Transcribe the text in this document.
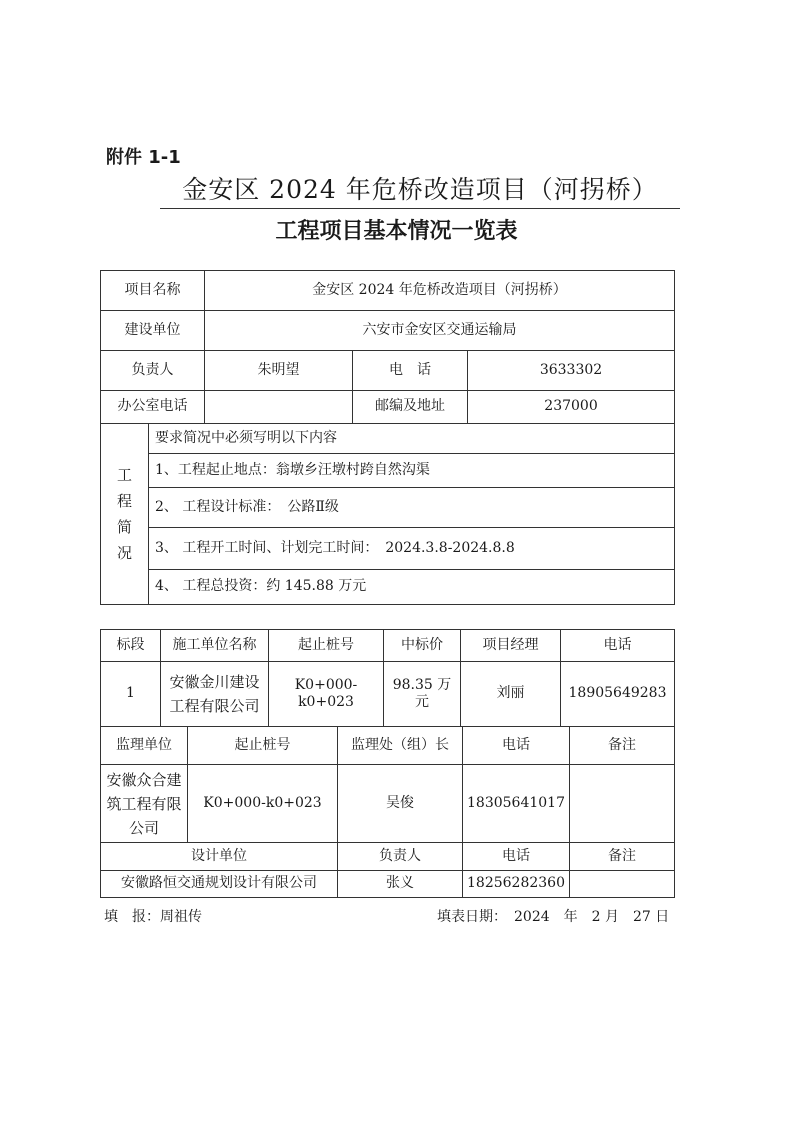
附件 1-1
金安区 2024 年危桥改造项目（河拐桥）
工程项目基本情况一览表
项目名称		金安区 2024 年危桥改造项目（河拐桥）		
建设单位		六安市金安区交通运输局		
负责人		朱明望	电　话	3633302
办公室电话			邮编及地址	237000

工
程
简
况	要求简况中必须写明以下内容			
	1、工程起止地点：翁墩乡汪墩村跨自然沟渠			
	2、 工程设计标准：　公路Ⅱ级			
	3、 工程开工时间、计划完工时间：　2024.3.8-2024.8.8			
	4、 工程总投资：约 145.88 万元			
标段	施工单位名称	起止桩号	中标价	项目经理	电话
1	安徽金川建设工程有限公司	K0+000-k0+023	98.35 万元	刘丽	18905649283
监理单位	起止桩号	监理处（组）长	电话	备注
安徽众合建筑工程有限公司	K0+000-k0+023	吴俊	18305641017	
设计单位		负责人	电话	备注
安徽路恒交通规划设计有限公司		张义	18256282360	
填　报：周祖传	填表日期：　2024　年　2 月　27 日
